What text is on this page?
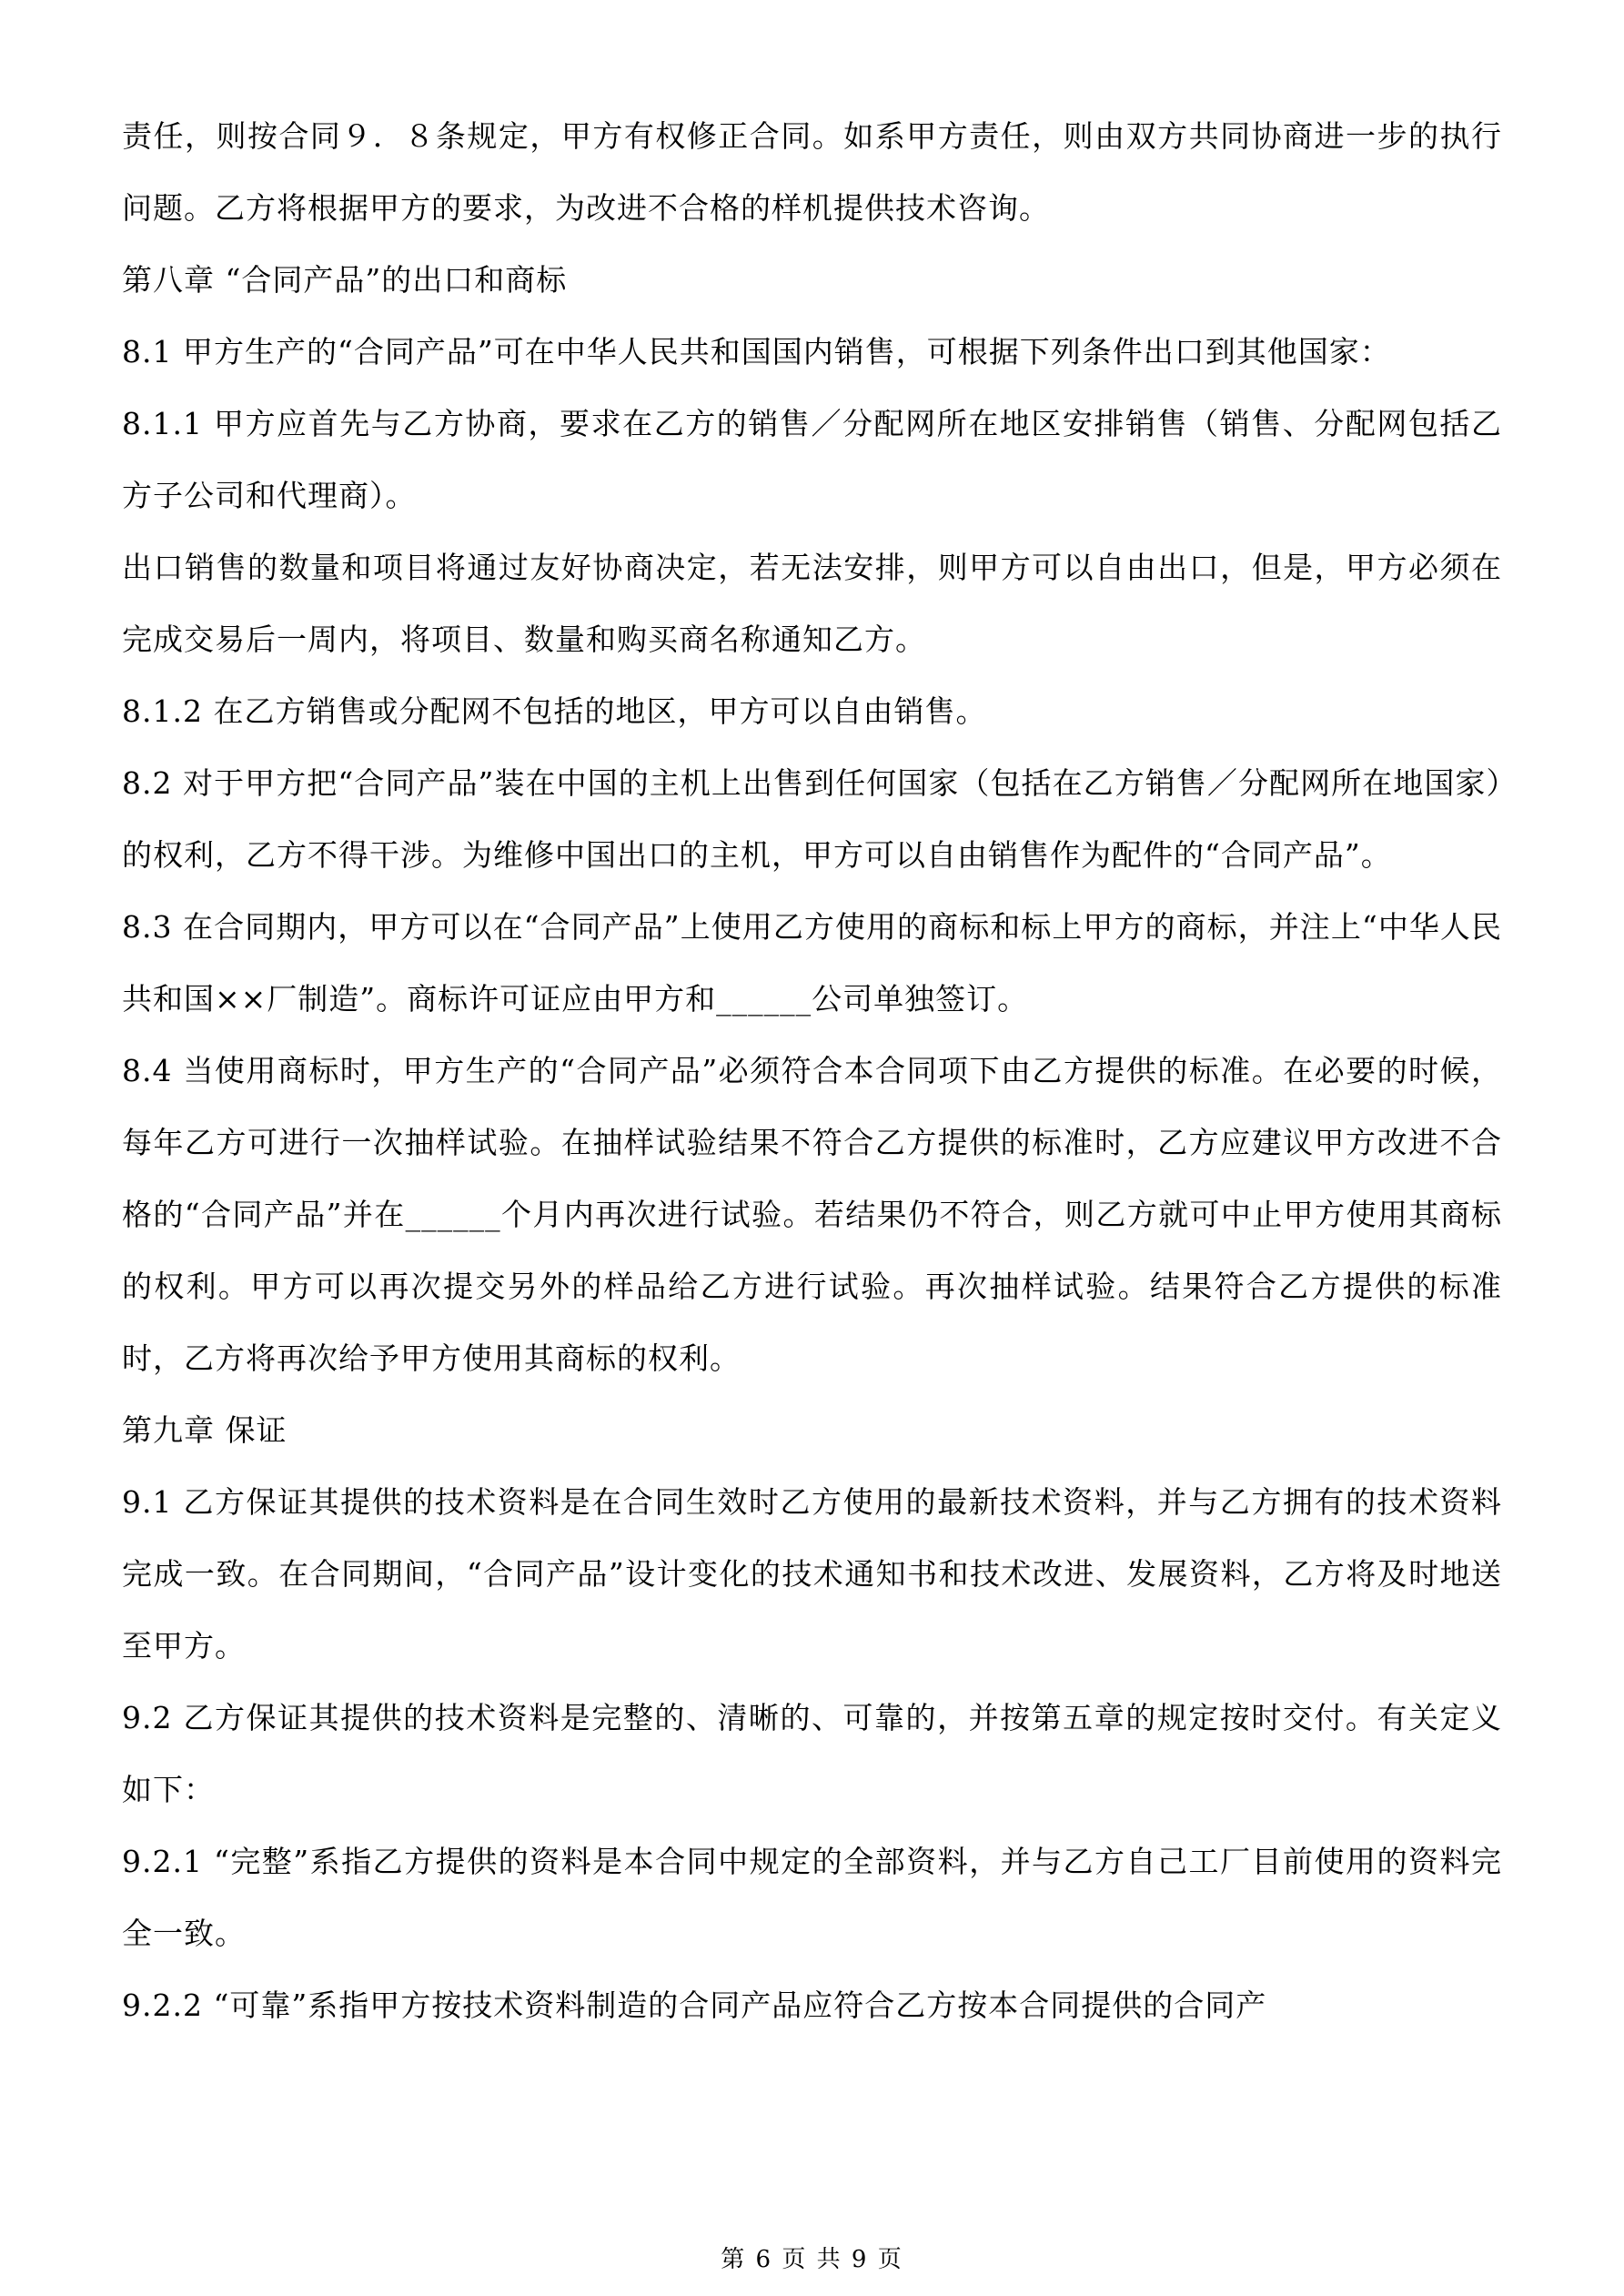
责任，则按合同９．８条规定，甲方有权修正合同。如系甲方责任，则由双方共同协商进一步的执行问题。乙方将根据甲方的要求，为改进不合格的样机提供技术咨询。

第八章 “合同产品”的出口和商标

8.1 甲方生产的“合同产品”可在中华人民共和国国内销售，可根据下列条件出口到其他国家：

8.1.1 甲方应首先与乙方协商，要求在乙方的销售／分配网所在地区安排销售（销售、分配网包括乙方子公司和代理商）。

出口销售的数量和项目将通过友好协商决定，若无法安排，则甲方可以自由出口，但是，甲方必须在完成交易后一周内，将项目、数量和购买商名称通知乙方。

8.1.2 在乙方销售或分配网不包括的地区，甲方可以自由销售。

8.2 对于甲方把“合同产品”装在中国的主机上出售到任何国家（包括在乙方销售／分配网所在地国家）的权利，乙方不得干涉。为维修中国出口的主机，甲方可以自由销售作为配件的“合同产品”。

8.3 在合同期内，甲方可以在“合同产品”上使用乙方使用的商标和标上甲方的商标，并注上“中华人民共和国××厂制造”。商标许可证应由甲方和______公司单独签订。

8.4 当使用商标时，甲方生产的“合同产品”必须符合本合同项下由乙方提供的标准。在必要的时候，每年乙方可进行一次抽样试验。在抽样试验结果不符合乙方提供的标准时，乙方应建议甲方改进不合格的“合同产品”并在______个月内再次进行试验。若结果仍不符合，则乙方就可中止甲方使用其商标的权利。甲方可以再次提交另外的样品给乙方进行试验。再次抽样试验。结果符合乙方提供的标准时，乙方将再次给予甲方使用其商标的权利。

第九章 保证

9.1 乙方保证其提供的技术资料是在合同生效时乙方使用的最新技术资料，并与乙方拥有的技术资料完成一致。在合同期间，“合同产品”设计变化的技术通知书和技术改进、发展资料，乙方将及时地送至甲方。

9.2 乙方保证其提供的技术资料是完整的、清晰的、可靠的，并按第五章的规定按时交付。有关定义如下：

9.2.1 “完整”系指乙方提供的资料是本合同中规定的全部资料，并与乙方自己工厂目前使用的资料完全一致。

9.2.2 “可靠”系指甲方按技术资料制造的合同产品应符合乙方按本合同提供的合同产

第 6 页 共 9 页
